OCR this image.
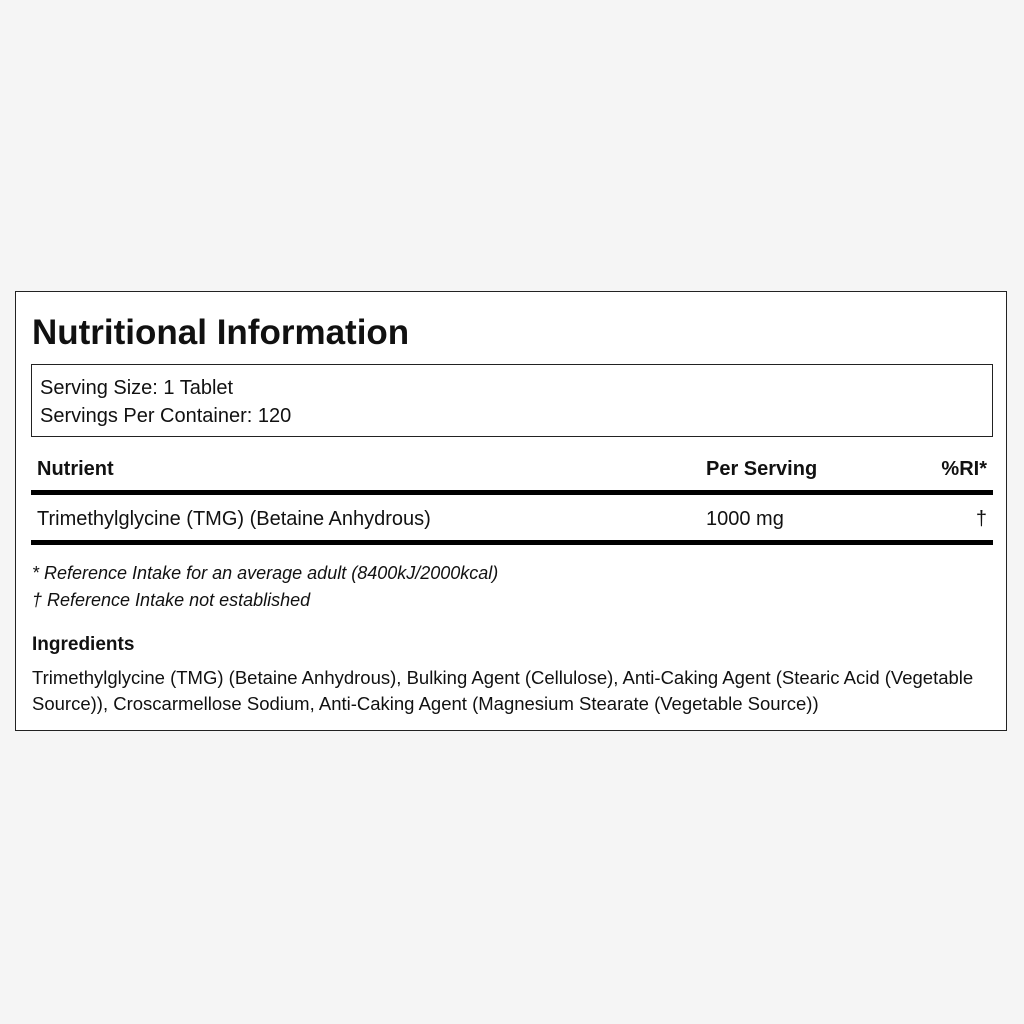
Nutritional Information
Serving Size: 1 Tablet
Servings Per Container: 120
Nutrient	Per Serving	%RI*
Trimethylglycine (TMG) (Betaine Anhydrous)	1000 mg	†
* Reference Intake for an average adult (8400kJ/2000kcal)
† Reference Intake not established
Ingredients

Trimethylglycine (TMG) (Betaine Anhydrous), Bulking Agent (Cellulose), Anti-Caking Agent (Stearic Acid (Vegetable Source)), Croscarmellose Sodium, Anti-Caking Agent (Magnesium Stearate (Vegetable Source))
